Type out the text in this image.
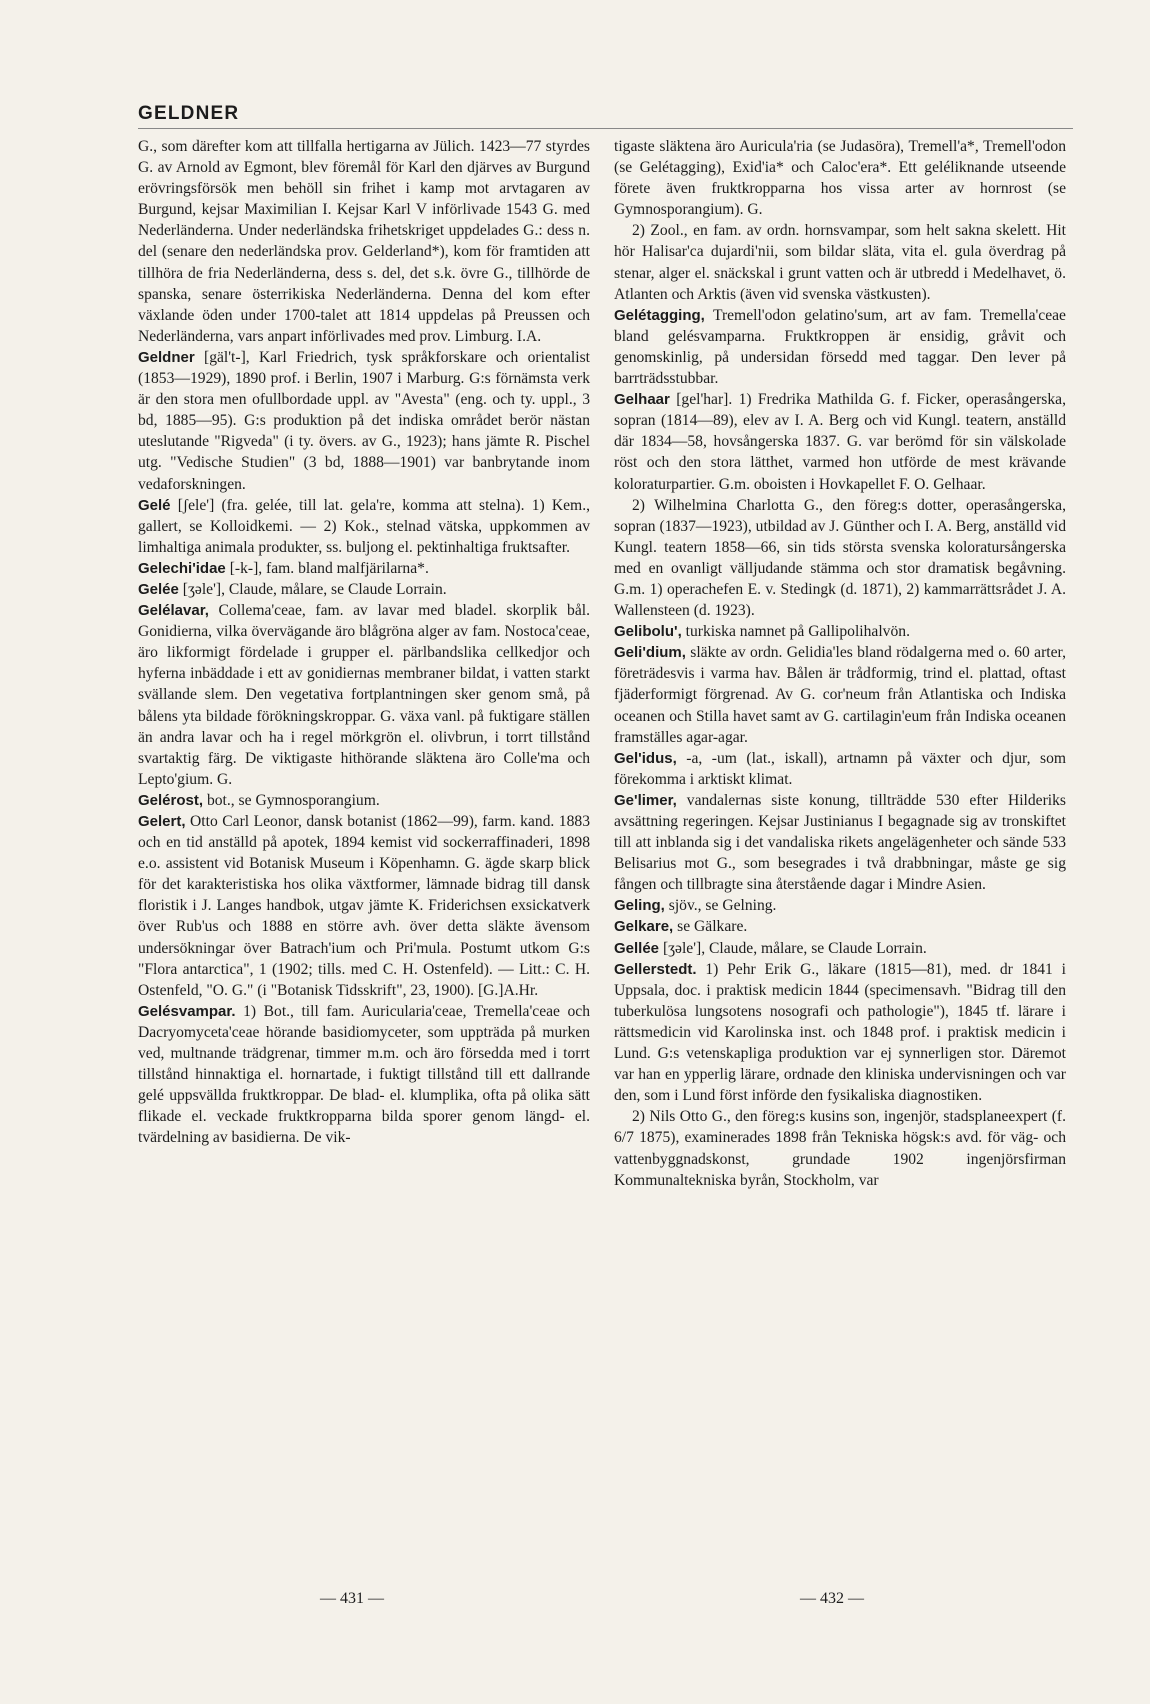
GELDNER

G., som därefter kom att tillfalla hertigarna av Jülich. 1423—77 styrdes G. av Arnold av Egmont, blev föremål för Karl den djärves av Burgund erövringsförsök men behöll sin frihet i kamp mot arvtagaren av Burgund, kejsar Maximilian I. Kejsar Karl V införlivade 1543 G. med Nederländerna. Under nederländska frihetskriget uppdelades G.: dess n. del (senare den nederländska prov. Gelderland*), kom för framtiden att tillhöra de fria Nederländerna, dess s. del, det s.k. övre G., tillhörde de spanska, senare österrikiska Nederländerna. Denna del kom efter växlande öden under 1700-talet att 1814 uppdelas på Preussen och Nederländerna, vars anpart införlivades med prov. Limburg. I.A.

Geldner [gäl't-], Karl Friedrich, tysk språkforskare och orientalist (1853—1929), 1890 prof. i Berlin, 1907 i Marburg. G:s förnämsta verk är den stora men ofullbordade uppl. av "Avesta" (eng. och ty. uppl., 3 bd, 1885—95). G:s produktion på det indiska området berör nästan uteslutande "Rigveda" (i ty. övers. av G., 1923); hans jämte R. Pischel utg. "Vedische Studien" (3 bd, 1888—1901) var banbrytande inom vedaforskningen.

Gelé [ʃele'] (fra. gelée, till lat. gela're, komma att stelna). 1) Kem., gallert, se Kolloidkemi. — 2) Kok., stelnad vätska, uppkommen av limhaltiga animala produkter, ss. buljong el. pektinhaltiga fruktsafter.

Gelechi'idae [-k-], fam. bland malfjärilarna*.

Gelée [ʒəle'], Claude, målare, se Claude Lorrain.

Gelélavar, Collema'ceae, fam. av lavar med bladel. skorplik bål. Gonidierna, vilka övervägande äro blågröna alger av fam. Nostoca'ceae, äro likformigt fördelade i grupper el. pärlbandslika cellkedjor och hyferna inbäddade i ett av gonidiernas membraner bildat, i vatten starkt svällande slem. Den vegetativa fortplantningen sker genom små, på bålens yta bildade förökningskroppar. G. växa vanl. på fuktigare ställen än andra lavar och ha i regel mörkgrön el. olivbrun, i torrt tillstånd svartaktig färg. De viktigaste hithörande släktena äro Colle'ma och Lepto'gium. G.

Gelérost, bot., se Gymnosporangium.

Gelert, Otto Carl Leonor, dansk botanist (1862—99), farm. kand. 1883 och en tid anställd på apotek, 1894 kemist vid sockerraffinaderi, 1898 e.o. assistent vid Botanisk Museum i Köpenhamn. G. ägde skarp blick för det karakteristiska hos olika växtformer, lämnade bidrag till dansk floristik i J. Langes handbok, utgav jämte K. Friderichsen exsickatverk över Rub'us och 1888 en större avh. över detta släkte ävensom undersökningar över Batrach'ium och Pri'mula. Postumt utkom G:s "Flora antarctica", 1 (1902; tills. med C. H. Ostenfeld). — Litt.: C. H. Ostenfeld, "O. G." (i "Botanisk Tidsskrift", 23, 1900). [G.]A.Hr.

Gelésvampar. 1) Bot., till fam. Auricularia'ceae, Tremella'ceae och Dacryomyceta'ceae hörande basidiomyceter, som uppträda på murken ved, multnande trädgrenar, timmer m.m. och äro försedda med i torrt tillstånd hinnaktiga el. hornartade, i fuktigt tillstånd till ett dallrande gelé uppsvällda fruktkroppar. De blad- el. klumplika, ofta på olika sätt flikade el. veckade fruktkropparna bilda sporer genom längd- el. tvärdelning av basidierna. De vik-

tigaste släktena äro Auricula'ria (se Judasöra), Tremell'a*, Tremell'odon (se Gelétagging), Exid'ia* och Caloc'era*. Ett geléliknande utseende förete även fruktkropparna hos vissa arter av hornrost (se Gymnosporangium). G.

2) Zool., en fam. av ordn. hornsvampar, som helt sakna skelett. Hit hör Halisar'ca dujardi'nii, som bildar släta, vita el. gula överdrag på stenar, alger el. snäckskal i grunt vatten och är utbredd i Medelhavet, ö. Atlanten och Arktis (även vid svenska västkusten).

Gelétagging, Tremell'odon gelatino'sum, art av fam. Tremella'ceae bland gelésvamparna. Fruktkroppen är ensidig, gråvit och genomskinlig, på undersidan försedd med taggar. Den lever på barrträdsstubbar.

Gelhaar [gel'har]. 1) Fredrika Mathilda G. f. Ficker, operasångerska, sopran (1814—89), elev av I. A. Berg och vid Kungl. teatern, anställd där 1834—58, hovsångerska 1837. G. var berömd för sin välskolade röst och den stora lätthet, varmed hon utförde de mest krävande koloraturpartier. G.m. oboisten i Hovkapellet F. O. Gelhaar.

2) Wilhelmina Charlotta G., den föreg:s dotter, operasångerska, sopran (1837—1923), utbildad av J. Günther och I. A. Berg, anställd vid Kungl. teatern 1858—66, sin tids största svenska koloratursångerska med en ovanligt välljudande stämma och stor dramatisk begåvning. G.m. 1) operachefen E. v. Stedingk (d. 1871), 2) kammarrättsrådet J. A. Wallensteen (d. 1923).

Gelibolu', turkiska namnet på Gallipolihalvön.

Geli'dium, släkte av ordn. Gelidia'les bland rödalgerna med o. 60 arter, företrädesvis i varma hav. Bålen är trådformig, trind el. plattad, oftast fjäderformigt förgrenad. Av G. cor'neum från Atlantiska och Indiska oceanen och Stilla havet samt av G. cartilagin'eum från Indiska oceanen framställes agar-agar.

Gel'idus, -a, -um (lat., iskall), artnamn på växter och djur, som förekomma i arktiskt klimat.

Ge'limer, vandalernas siste konung, tillträdde 530 efter Hilderiks avsättning regeringen. Kejsar Justinianus I begagnade sig av tronskiftet till att inblanda sig i det vandaliska rikets angelägenheter och sände 533 Belisarius mot G., som besegrades i två drabbningar, måste ge sig fången och tillbragte sina återstående dagar i Mindre Asien.

Geling, sjöv., se Gelning.

Gelkare, se Gälkare.

Gellée [ʒəle'], Claude, målare, se Claude Lorrain.

Gellerstedt. 1) Pehr Erik G., läkare (1815—81), med. dr 1841 i Uppsala, doc. i praktisk medicin 1844 (specimensavh. "Bidrag till den tuberkulösa lungsotens nosografi och pathologie"), 1845 tf. lärare i rättsmedicin vid Karolinska inst. och 1848 prof. i praktisk medicin i Lund. G:s vetenskapliga produktion var ej synnerligen stor. Däremot var han en ypperlig lärare, ordnade den kliniska undervisningen och var den, som i Lund först införde den fysikaliska diagnostiken.

2) Nils Otto G., den föreg:s kusins son, ingenjör, stadsplaneexpert (f. 6/7 1875), examinerades 1898 från Tekniska högsk:s avd. för väg- och vattenbyggnadskonst, grundade 1902 ingenjörsfirman Kommunaltekniska byrån, Stockholm, var

— 431 —	— 432 —
